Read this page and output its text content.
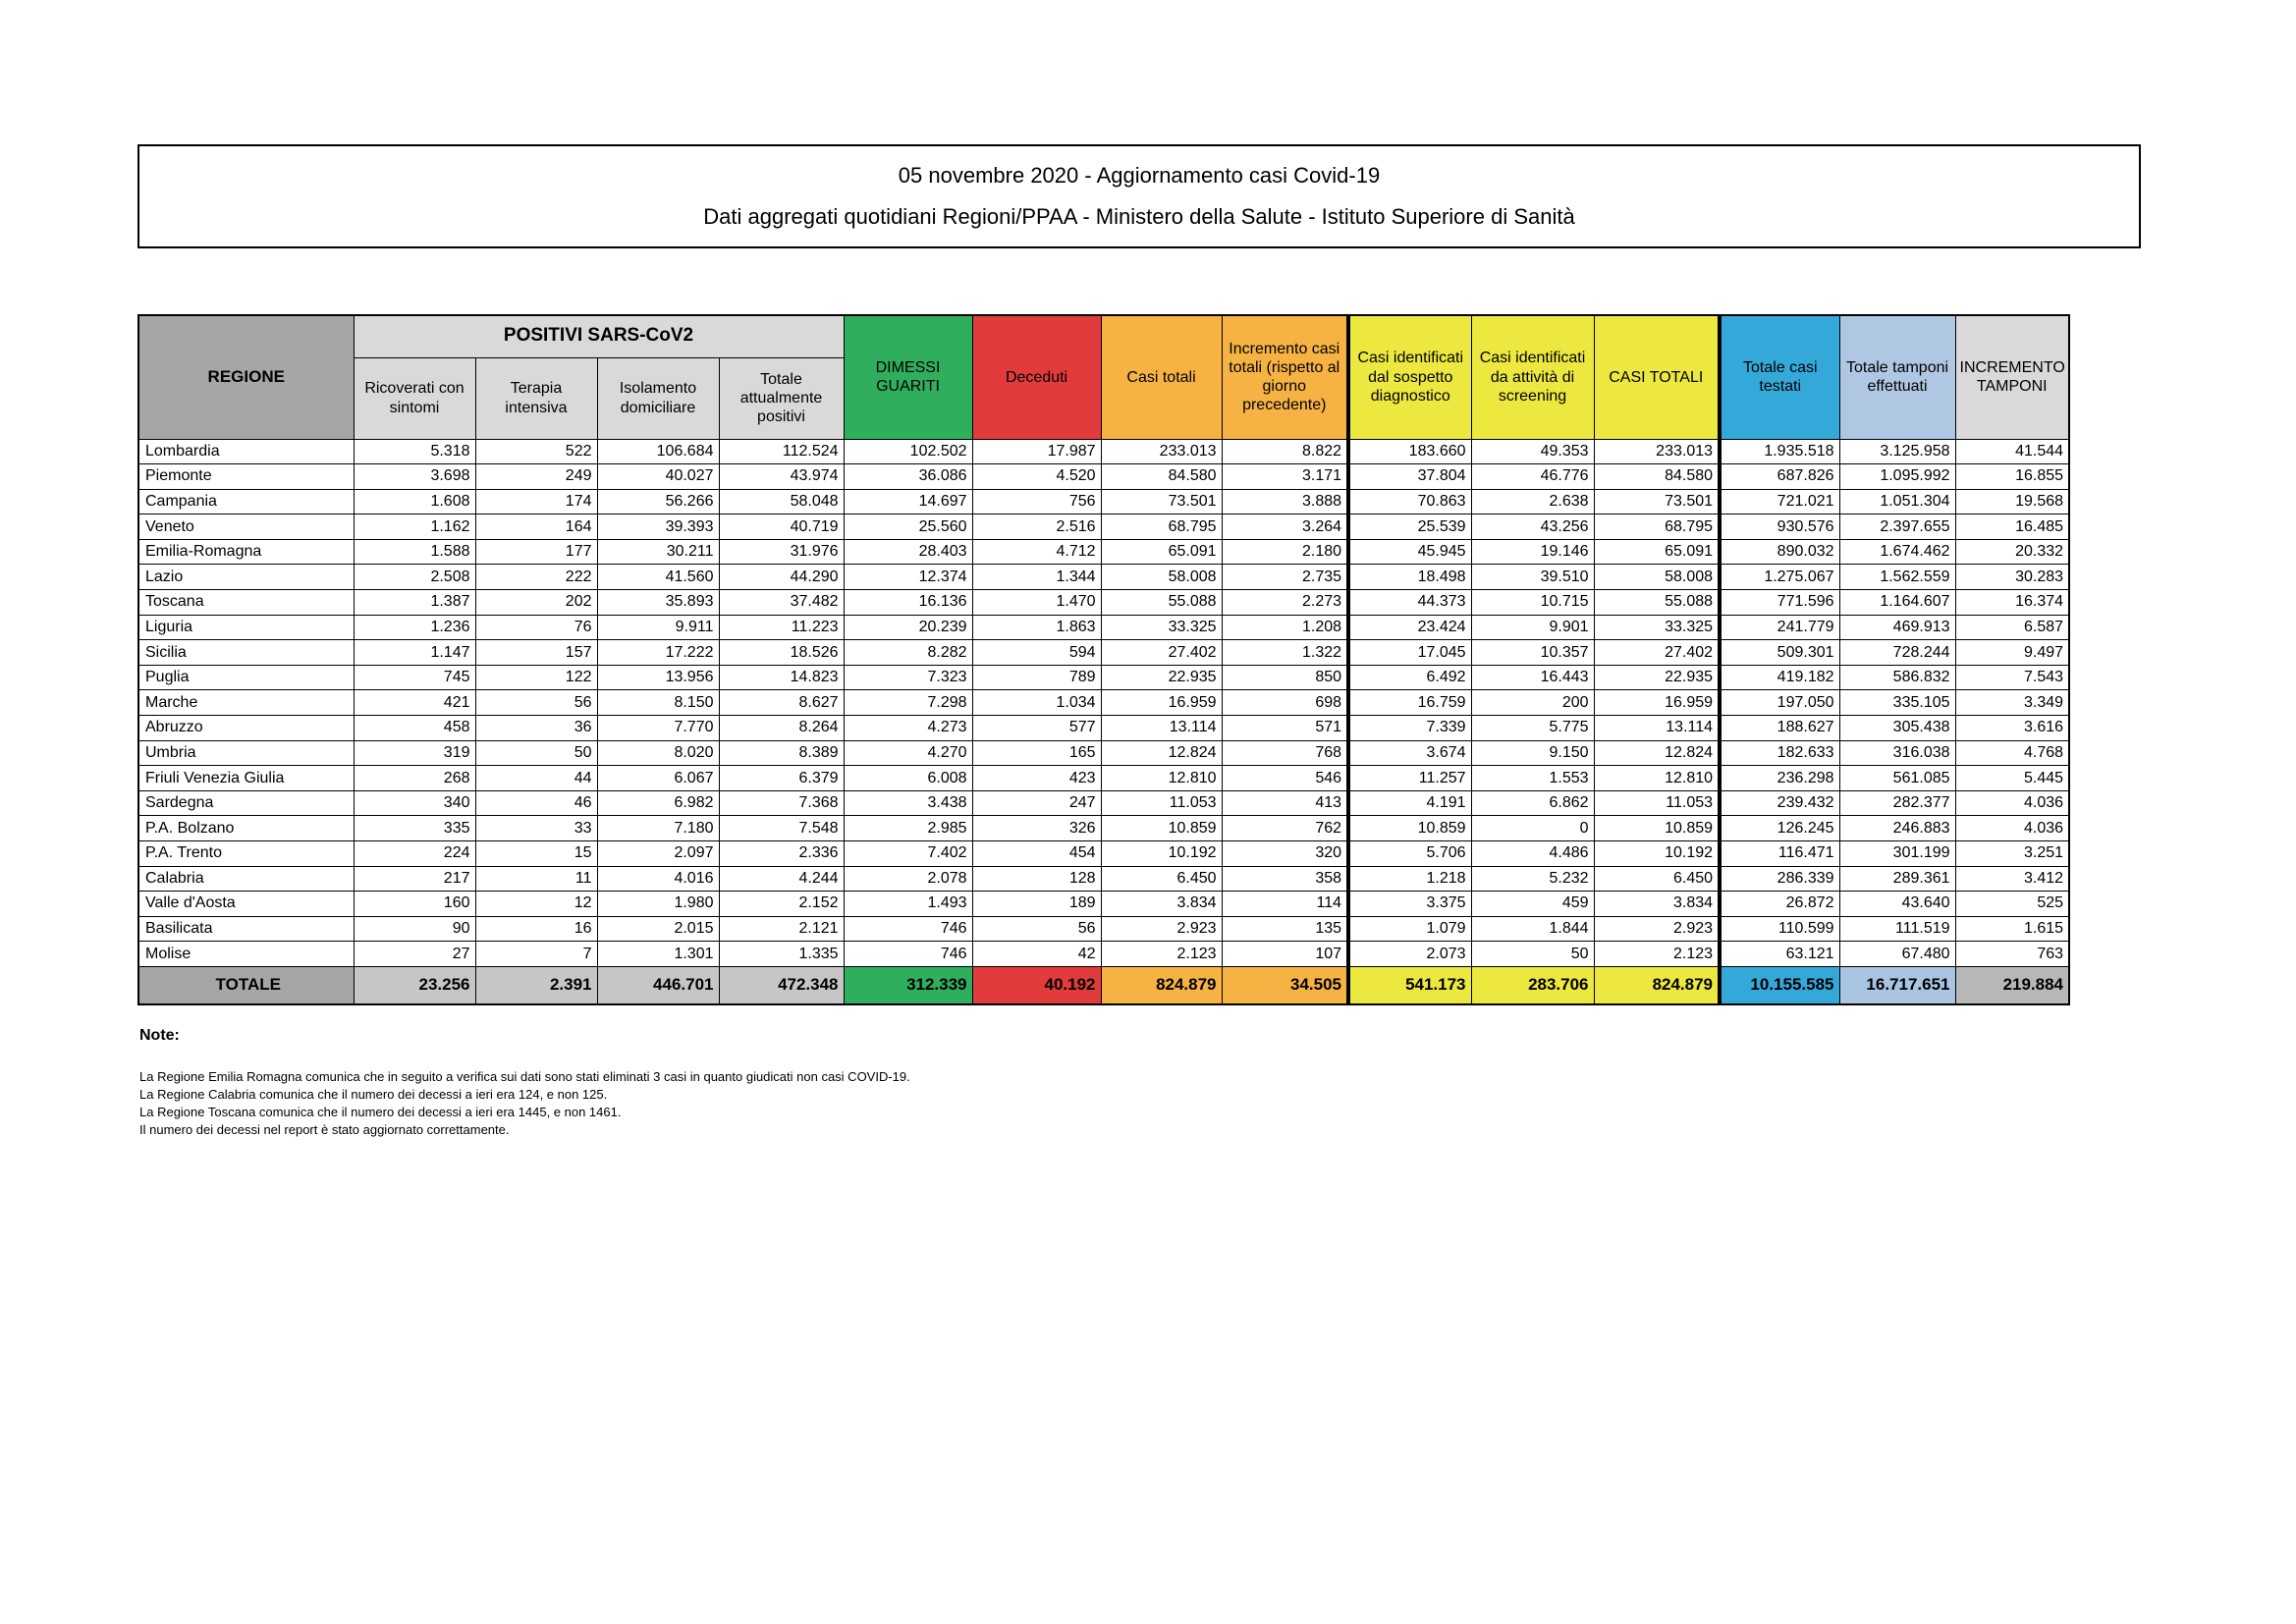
05 novembre 2020 - Aggiornamento casi Covid-19
Dati aggregati quotidiani Regioni/PPAA - Ministero della Salute - Istituto Superiore di Sanità
REGIONE	POSITIVI SARS-CoV2				DIMESSI GUARITI	Deceduti	Casi totali	Incremento casi totali (rispetto al giorno precedente)	Casi identificati dal sospetto diagnostico	Casi identificati da attività di screening	CASI TOTALI	Totale casi testati	Totale tamponi effettuati	INCREMENTO TAMPONI
	Ricoverati con sintomi	Terapia intensiva	Isolamento domiciliare	Totale attualmente positivi										
Lombardia	5.318	522	106.684	112.524	102.502	17.987	233.013	8.822	183.660	49.353	233.013	1.935.518	3.125.958	41.544
Piemonte	3.698	249	40.027	43.974	36.086	4.520	84.580	3.171	37.804	46.776	84.580	687.826	1.095.992	16.855
Campania	1.608	174	56.266	58.048	14.697	756	73.501	3.888	70.863	2.638	73.501	721.021	1.051.304	19.568
Veneto	1.162	164	39.393	40.719	25.560	2.516	68.795	3.264	25.539	43.256	68.795	930.576	2.397.655	16.485
Emilia-Romagna	1.588	177	30.211	31.976	28.403	4.712	65.091	2.180	45.945	19.146	65.091	890.032	1.674.462	20.332
Lazio	2.508	222	41.560	44.290	12.374	1.344	58.008	2.735	18.498	39.510	58.008	1.275.067	1.562.559	30.283
Toscana	1.387	202	35.893	37.482	16.136	1.470	55.088	2.273	44.373	10.715	55.088	771.596	1.164.607	16.374
Liguria	1.236	76	9.911	11.223	20.239	1.863	33.325	1.208	23.424	9.901	33.325	241.779	469.913	6.587
Sicilia	1.147	157	17.222	18.526	8.282	594	27.402	1.322	17.045	10.357	27.402	509.301	728.244	9.497
Puglia	745	122	13.956	14.823	7.323	789	22.935	850	6.492	16.443	22.935	419.182	586.832	7.543
Marche	421	56	8.150	8.627	7.298	1.034	16.959	698	16.759	200	16.959	197.050	335.105	3.349
Abruzzo	458	36	7.770	8.264	4.273	577	13.114	571	7.339	5.775	13.114	188.627	305.438	3.616
Umbria	319	50	8.020	8.389	4.270	165	12.824	768	3.674	9.150	12.824	182.633	316.038	4.768
Friuli Venezia Giulia	268	44	6.067	6.379	6.008	423	12.810	546	11.257	1.553	12.810	236.298	561.085	5.445
Sardegna	340	46	6.982	7.368	3.438	247	11.053	413	4.191	6.862	11.053	239.432	282.377	4.036
P.A. Bolzano	335	33	7.180	7.548	2.985	326	10.859	762	10.859	0	10.859	126.245	246.883	4.036
P.A. Trento	224	15	2.097	2.336	7.402	454	10.192	320	5.706	4.486	10.192	116.471	301.199	3.251
Calabria	217	11	4.016	4.244	2.078	128	6.450	358	1.218	5.232	6.450	286.339	289.361	3.412
Valle d'Aosta	160	12	1.980	2.152	1.493	189	3.834	114	3.375	459	3.834	26.872	43.640	525
Basilicata	90	16	2.015	2.121	746	56	2.923	135	1.079	1.844	2.923	110.599	111.519	1.615
Molise	27	7	1.301	1.335	746	42	2.123	107	2.073	50	2.123	63.121	67.480	763
TOTALE	23.256	2.391	446.701	472.348	312.339	40.192	824.879	34.505	541.173	283.706	824.879	10.155.585	16.717.651	219.884
Note:
La Regione Emilia Romagna comunica che in seguito a verifica sui dati sono stati eliminati 3 casi in quanto giudicati non casi COVID-19.
La Regione Calabria comunica che il numero dei decessi a ieri era 124, e non 125.
La Regione Toscana comunica che il numero dei decessi a ieri era 1445, e non 1461.
Il numero dei decessi nel report è stato aggiornato correttamente.
